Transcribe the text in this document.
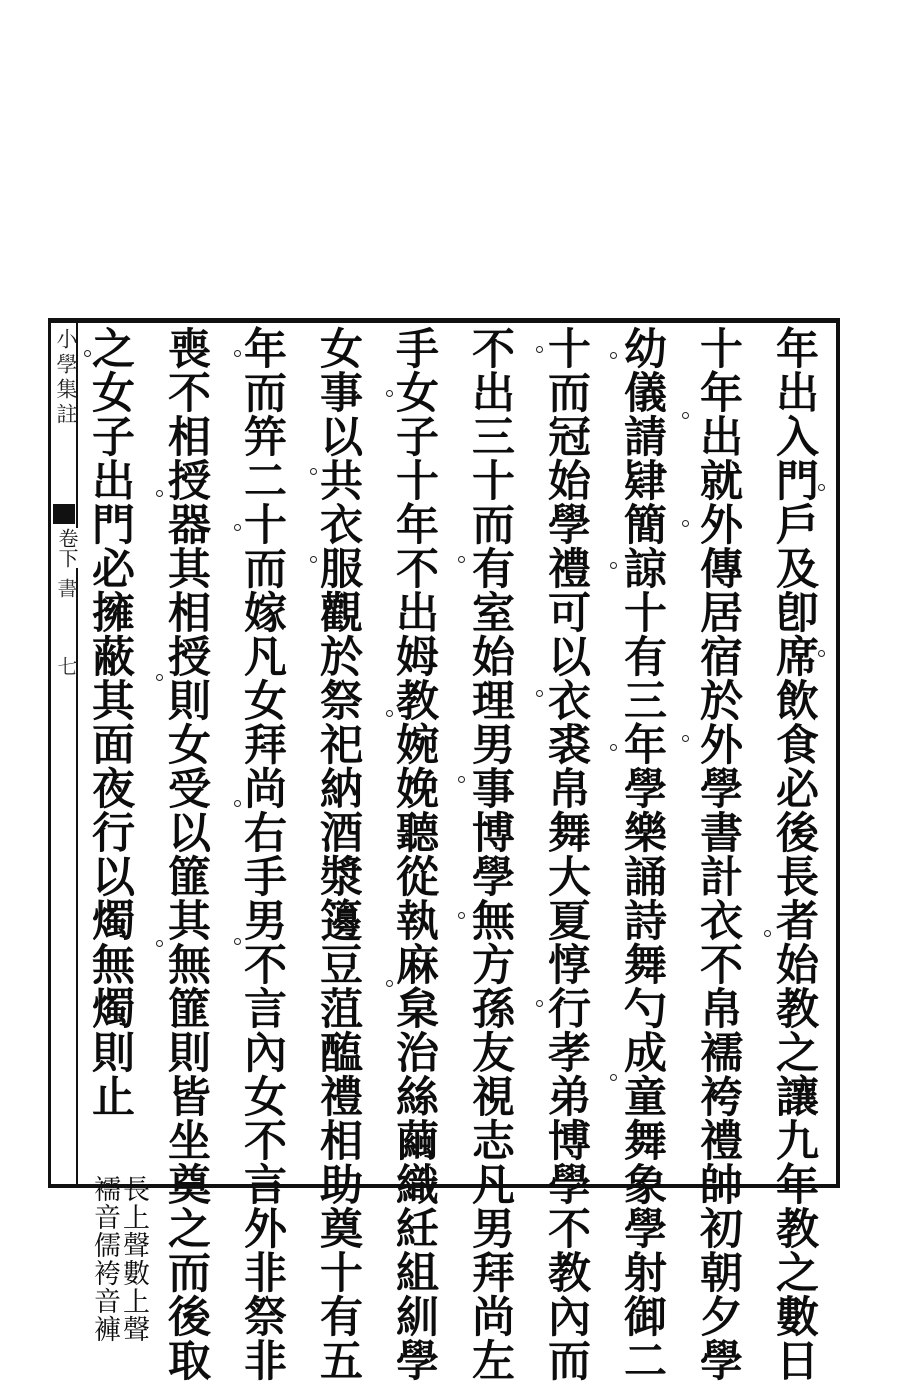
小學集註
卷下
書　　七	年出入門戶及卽席飲食必後長者始教之讓九年教之數日
十年出就外傳居宿於外學書計衣不帛襦袴禮帥初朝夕學
幼儀請肄簡諒十有三年學樂誦詩舞勺成童舞象學射御二
十而冠始學禮可以衣裘帛舞大夏惇行孝弟博學不教內而
不出三十而有室始理男事博學無方孫友視志凡男拜尚左
手女子十年不出姆教婉娩聽從執麻枲治絲繭織紝組紃學
女事以共衣服觀於祭祀納酒漿籩豆菹醢禮相助奠十有五
年而笄二十而嫁凡女拜尚右手男不言內女不言外非祭非
喪不相授器其相授則女受以篚其無篚則皆坐奠之而後取
之女子出門必擁蔽其面夜行以燭無燭則止
長上聲數上聲
襦音儒袴音褲
